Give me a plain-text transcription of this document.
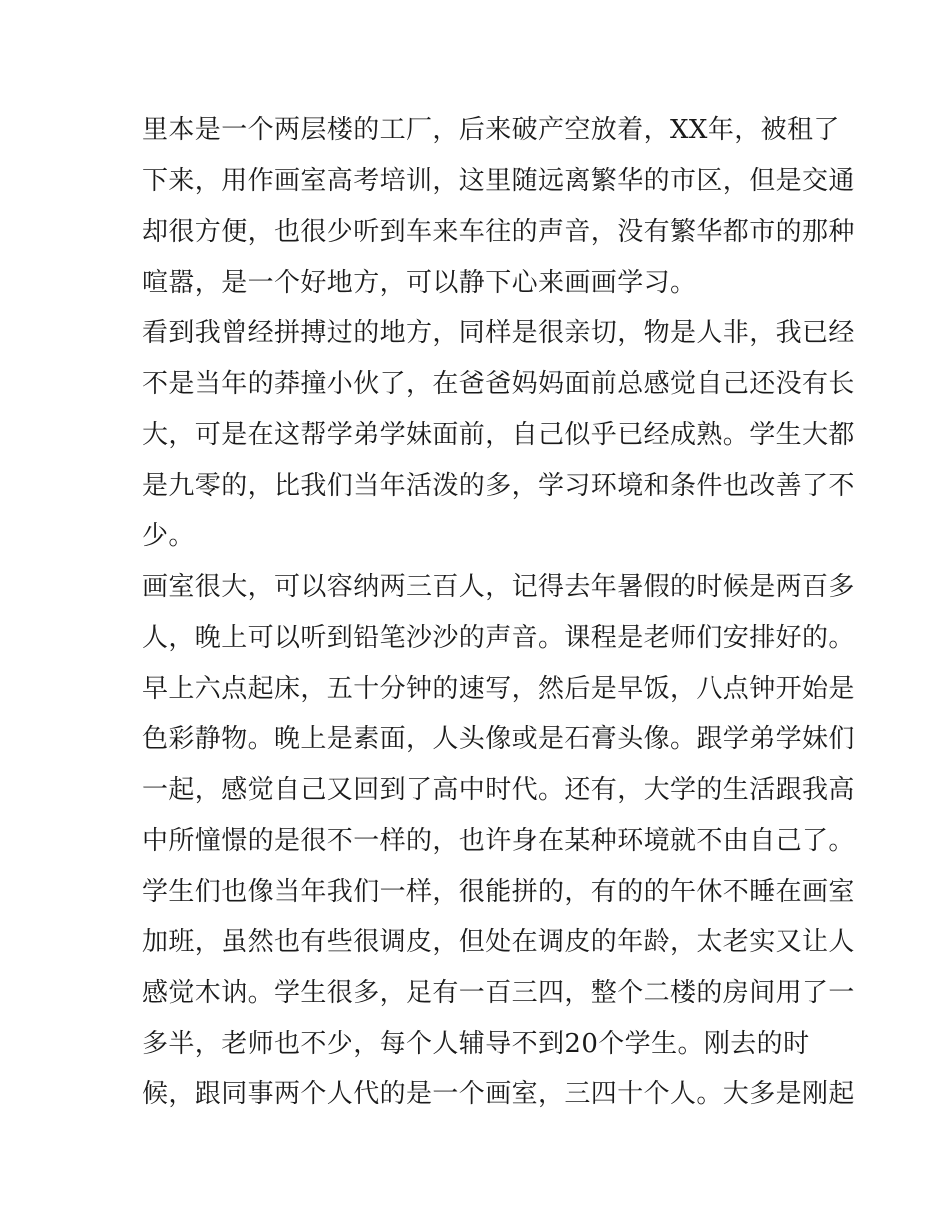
里本是一个两层楼的工厂，后来破产空放着，XX年，被租了
下来，用作画室高考培训，这里随远离繁华的市区，但是交通
却很方便，也很少听到车来车往的声音，没有繁华都市的那种
喧嚣，是一个好地方，可以静下心来画画学习。
看到我曾经拼搏过的地方，同样是很亲切，物是人非，我已经
不是当年的莽撞小伙了，在爸爸妈妈面前总感觉自己还没有长
大，可是在这帮学弟学妹面前，自己似乎已经成熟。学生大都
是九零的，比我们当年活泼的多，学习环境和条件也改善了不
少。
画室很大，可以容纳两三百人，记得去年暑假的时候是两百多
人，晚上可以听到铅笔沙沙的声音。课程是老师们安排好的。
早上六点起床，五十分钟的速写，然后是早饭，八点钟开始是
色彩静物。晚上是素面，人头像或是石膏头像。跟学弟学妹们
一起，感觉自己又回到了高中时代。还有，大学的生活跟我高
中所憧憬的是很不一样的，也许身在某种环境就不由自己了。
学生们也像当年我们一样，很能拼的，有的的午休不睡在画室
加班，虽然也有些很调皮，但处在调皮的年龄，太老实又让人
感觉木讷。学生很多，足有一百三四，整个二楼的房间用了一
多半，老师也不少，每个人辅导不到20个学生。刚去的时
候，跟同事两个人代的是一个画室，三四十个人。大多是刚起
